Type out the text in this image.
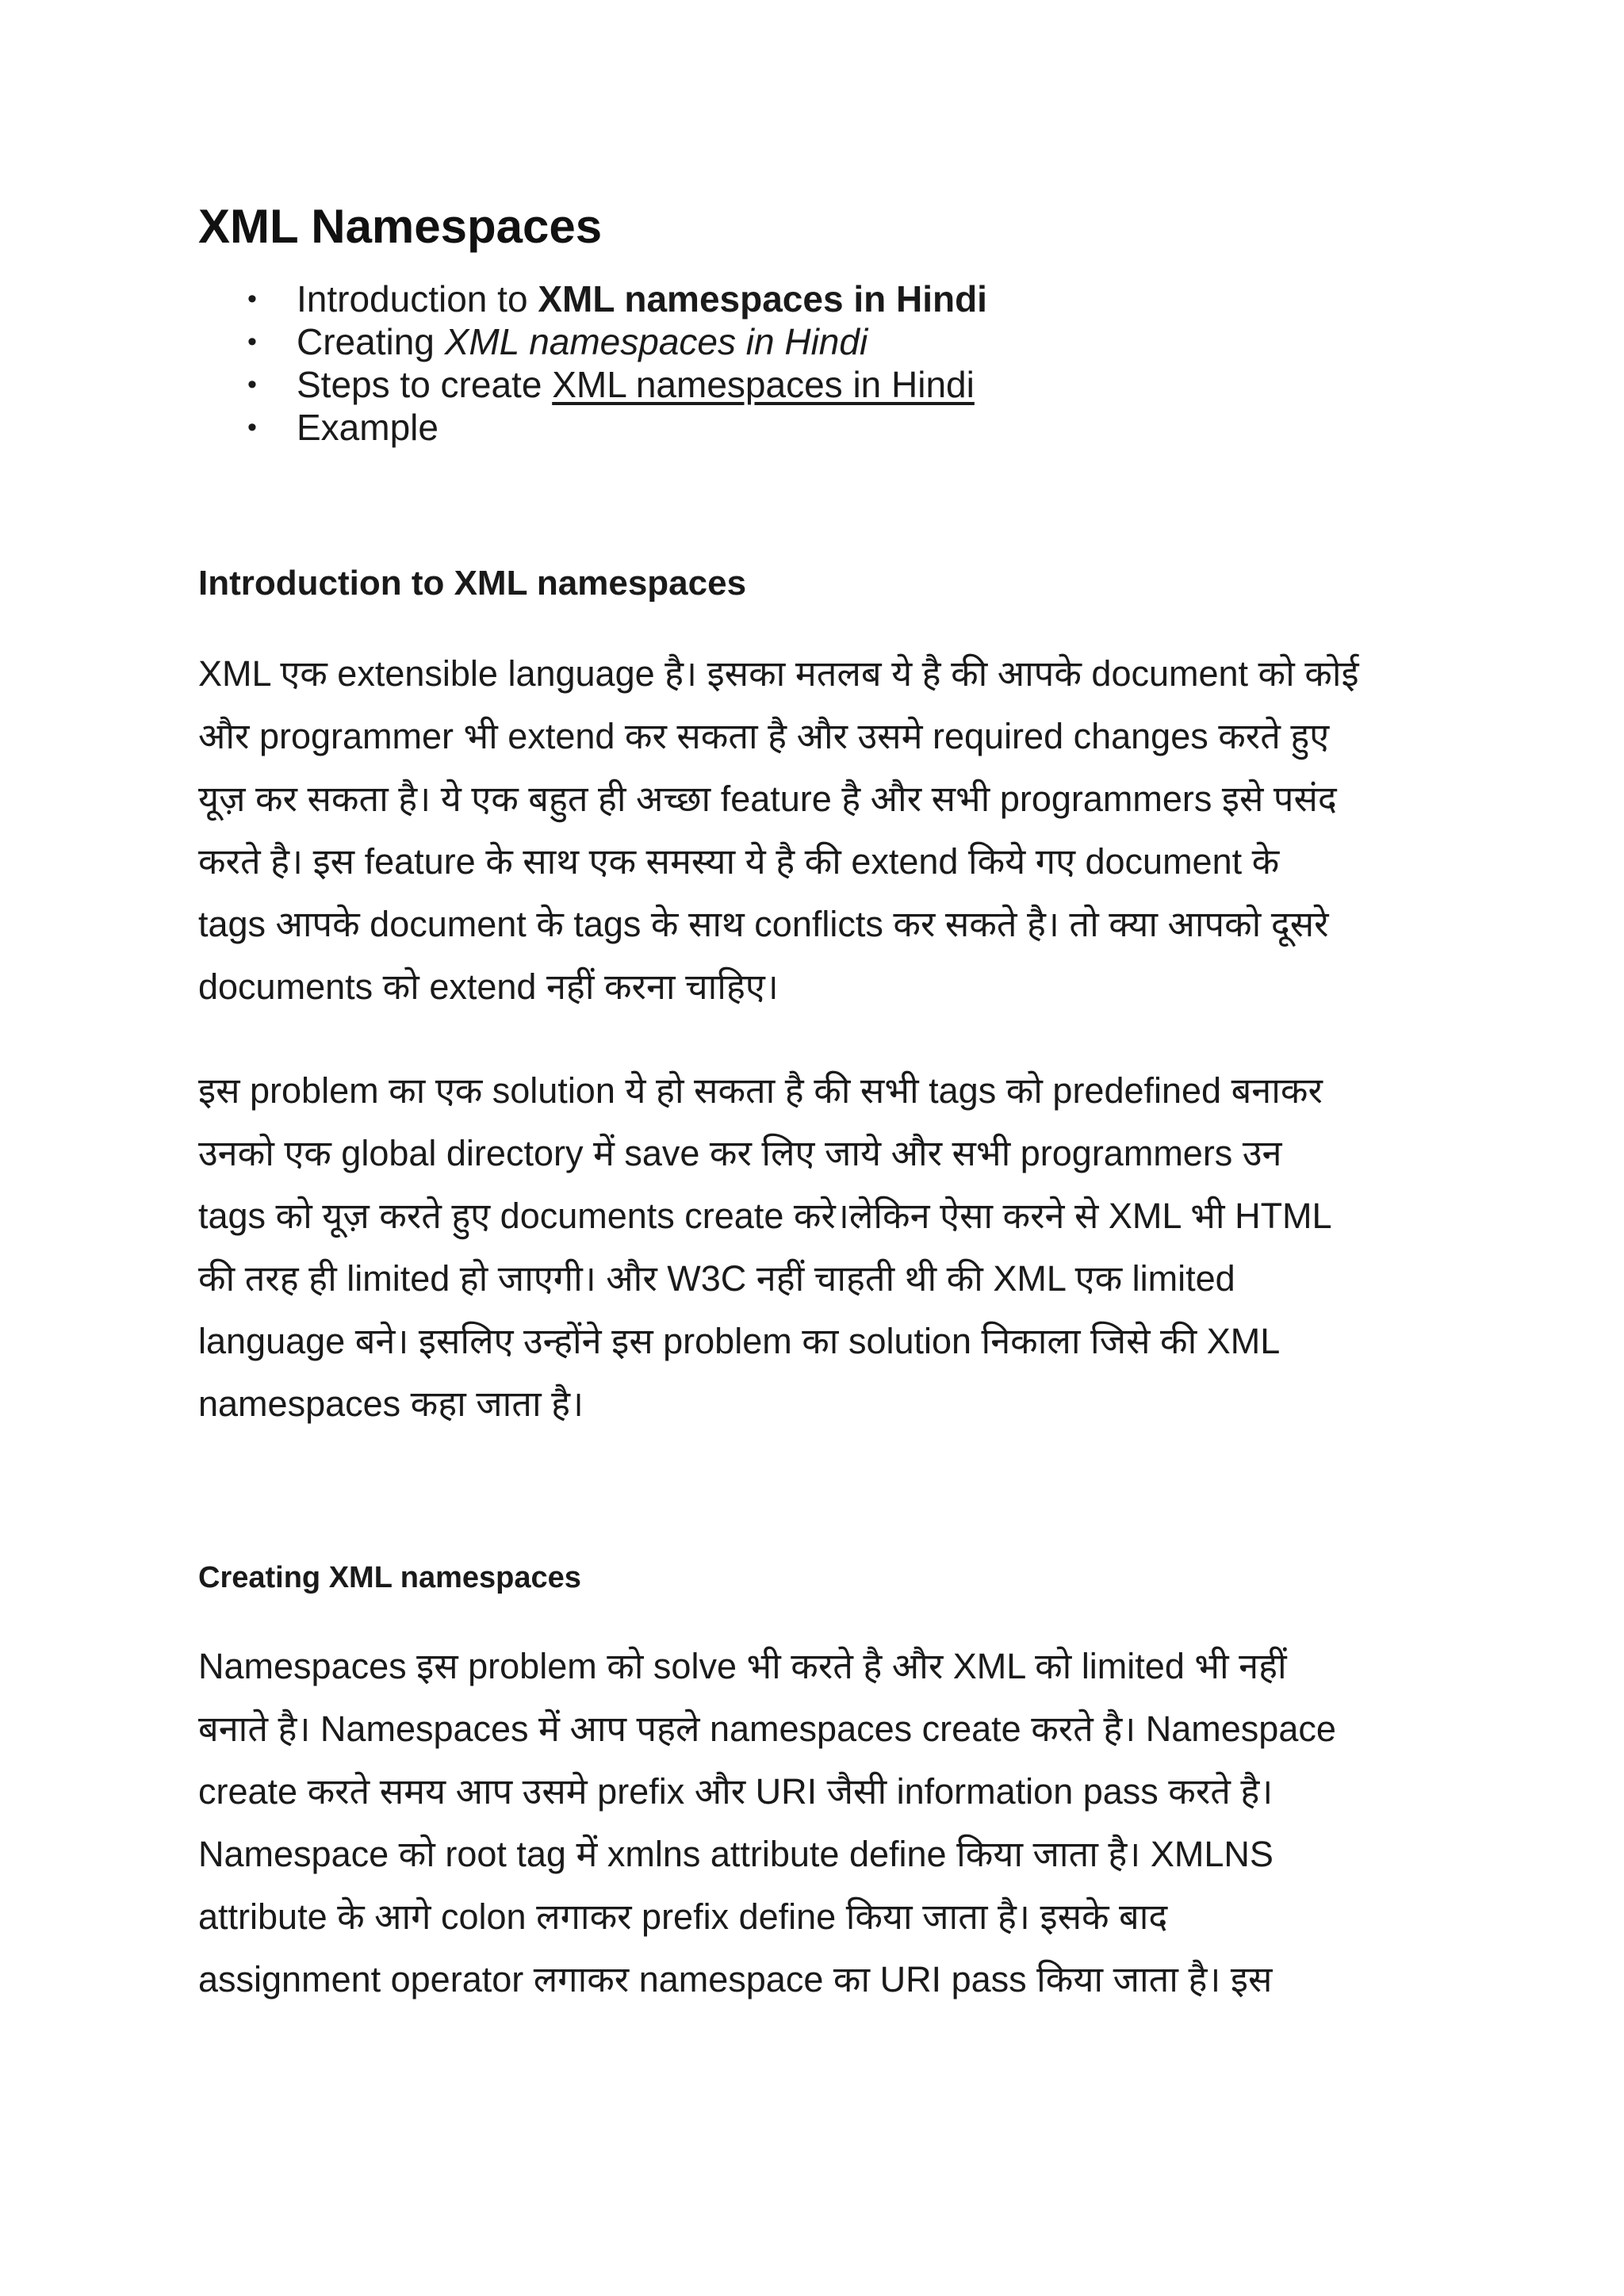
XML Namespaces
• Introduction to XML namespaces in Hindi
• Creating XML namespaces in Hindi
• Steps to create XML namespaces in Hindi
• Example
Introduction to XML namespaces

XML एक extensible language है। इसका मतलब ये है की आपके document को कोई
और programmer भी extend कर सकता है और उसमे required changes करते हुए
यूज़ कर सकता है। ये एक बहुत ही अच्छा feature है और सभी programmers इसे पसंद
करते है। इस feature के साथ एक समस्या ये है की extend किये गए document के
tags आपके document के tags के साथ conflicts कर सकते है। तो क्या आपको दूसरे
documents को extend नहीं करना चाहिए।

इस problem का एक solution ये हो सकता है की सभी tags को predefined बनाकर
उनको एक global directory में save कर लिए जाये और सभी programmers उन
tags को यूज़ करते हुए documents create करे।लेकिन ऐसा करने से XML भी HTML
की तरह ही limited हो जाएगी। और W3C नहीं चाहती थी की XML एक limited
language बने। इसलिए उन्होंने इस problem का solution निकाला जिसे की XML
namespaces कहा जाता है।

Creating XML namespaces

Namespaces इस problem को solve भी करते है और XML को limited भी नहीं
बनाते है। Namespaces में आप पहले namespaces create करते है। Namespace
create करते समय आप उसमे prefix और URI जैसी information pass करते है।
Namespace को root tag में xmlns attribute define किया जाता है। XMLNS
attribute के आगे colon लगाकर prefix define किया जाता है। इसके बाद
assignment operator लगाकर namespace का URI pass किया जाता है। इस
